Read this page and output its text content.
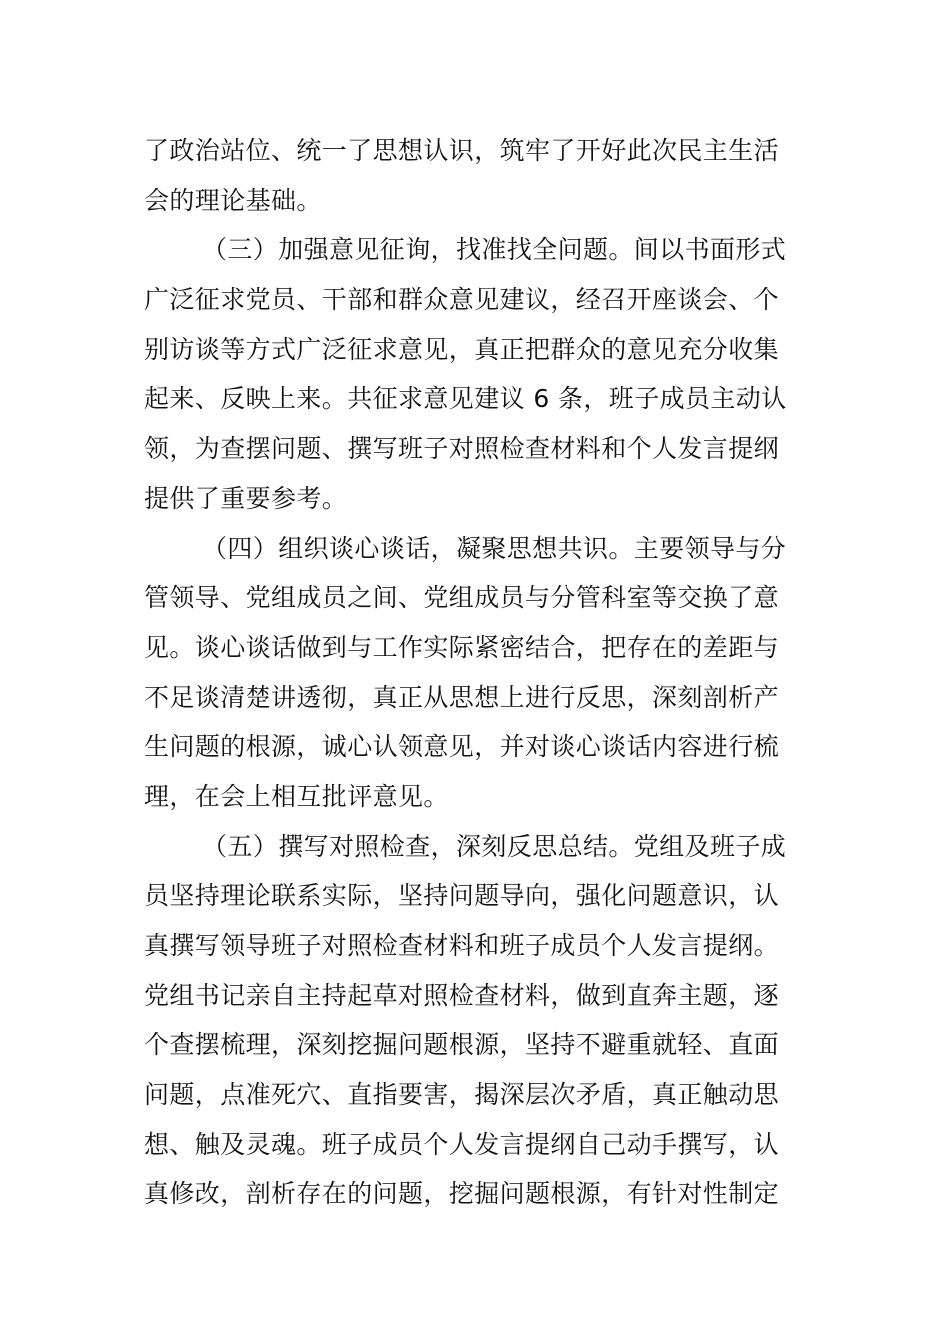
了政治站位、统一了思想认识，筑牢了开好此次民主生活
会的理论基础。
（三）加强意见征询，找准找全问题。间以书面形式
广泛征求党员、干部和群众意见建议，经召开座谈会、个
别访谈等方式广泛征求意见，真正把群众的意见充分收集
起来、反映上来。共征求意见建议 6 条，班子成员主动认
领，为查摆问题、撰写班子对照检查材料和个人发言提纲
提供了重要参考。
（四）组织谈心谈话，凝聚思想共识。主要领导与分
管领导、党组成员之间、党组成员与分管科室等交换了意
见。谈心谈话做到与工作实际紧密结合，把存在的差距与
不足谈清楚讲透彻，真正从思想上进行反思，深刻剖析产
生问题的根源，诚心认领意见，并对谈心谈话内容进行梳
理，在会上相互批评意见。
（五）撰写对照检查，深刻反思总结。党组及班子成
员坚持理论联系实际，坚持问题导向，强化问题意识，认
真撰写领导班子对照检查材料和班子成员个人发言提纲。
党组书记亲自主持起草对照检查材料，做到直奔主题，逐
个查摆梳理，深刻挖掘问题根源，坚持不避重就轻、直面
问题，点准死穴、直指要害，揭深层次矛盾，真正触动思
想、触及灵魂。班子成员个人发言提纲自己动手撰写，认
真修改，剖析存在的问题，挖掘问题根源，有针对性制定
